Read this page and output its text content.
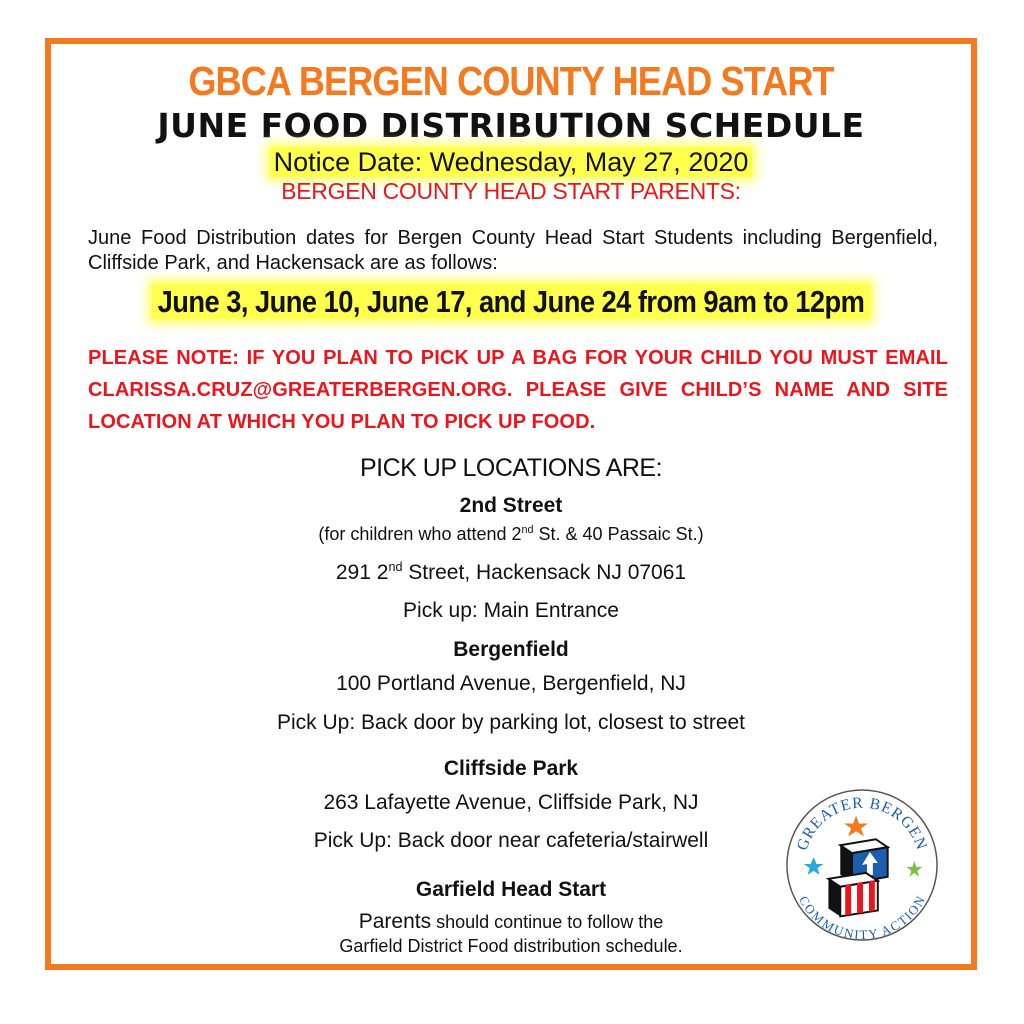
GBCA BERGEN COUNTY HEAD START
JUNE FOOD DISTRIBUTION SCHEDULE
Notice Date: Wednesday, May 27, 2020
BERGEN COUNTY HEAD START PARENTS:
June Food Distribution dates for Bergen County Head Start Students including Bergenfield, Cliffside Park, and Hackensack are as follows:
June 3, June 10, June 17, and June 24 from 9am to 12pm
PLEASE NOTE: IF YOU PLAN TO PICK UP A BAG FOR YOUR CHILD YOU MUST EMAIL CLARISSA.CRUZ@GREATERBERGEN.ORG. PLEASE GIVE CHILD’S NAME AND SITE LOCATION AT WHICH YOU PLAN TO PICK UP FOOD.
PICK UP LOCATIONS ARE:
2nd Street
(for children who attend 2nd St. & 40 Passaic St.)
291 2nd Street, Hackensack NJ 07061
Pick up: Main Entrance
Bergenfield
100 Portland Avenue, Bergenfield, NJ
Pick Up: Back door by parking lot, closest to street
Cliffside Park
263 Lafayette Avenue, Cliffside Park, NJ
Pick Up: Back door near cafeteria/stairwell
Garfield Head Start
Parents should continue to follow the
Garfield District Food distribution schedule.
GREATER BERGEN
COMMUNITY ACTION
